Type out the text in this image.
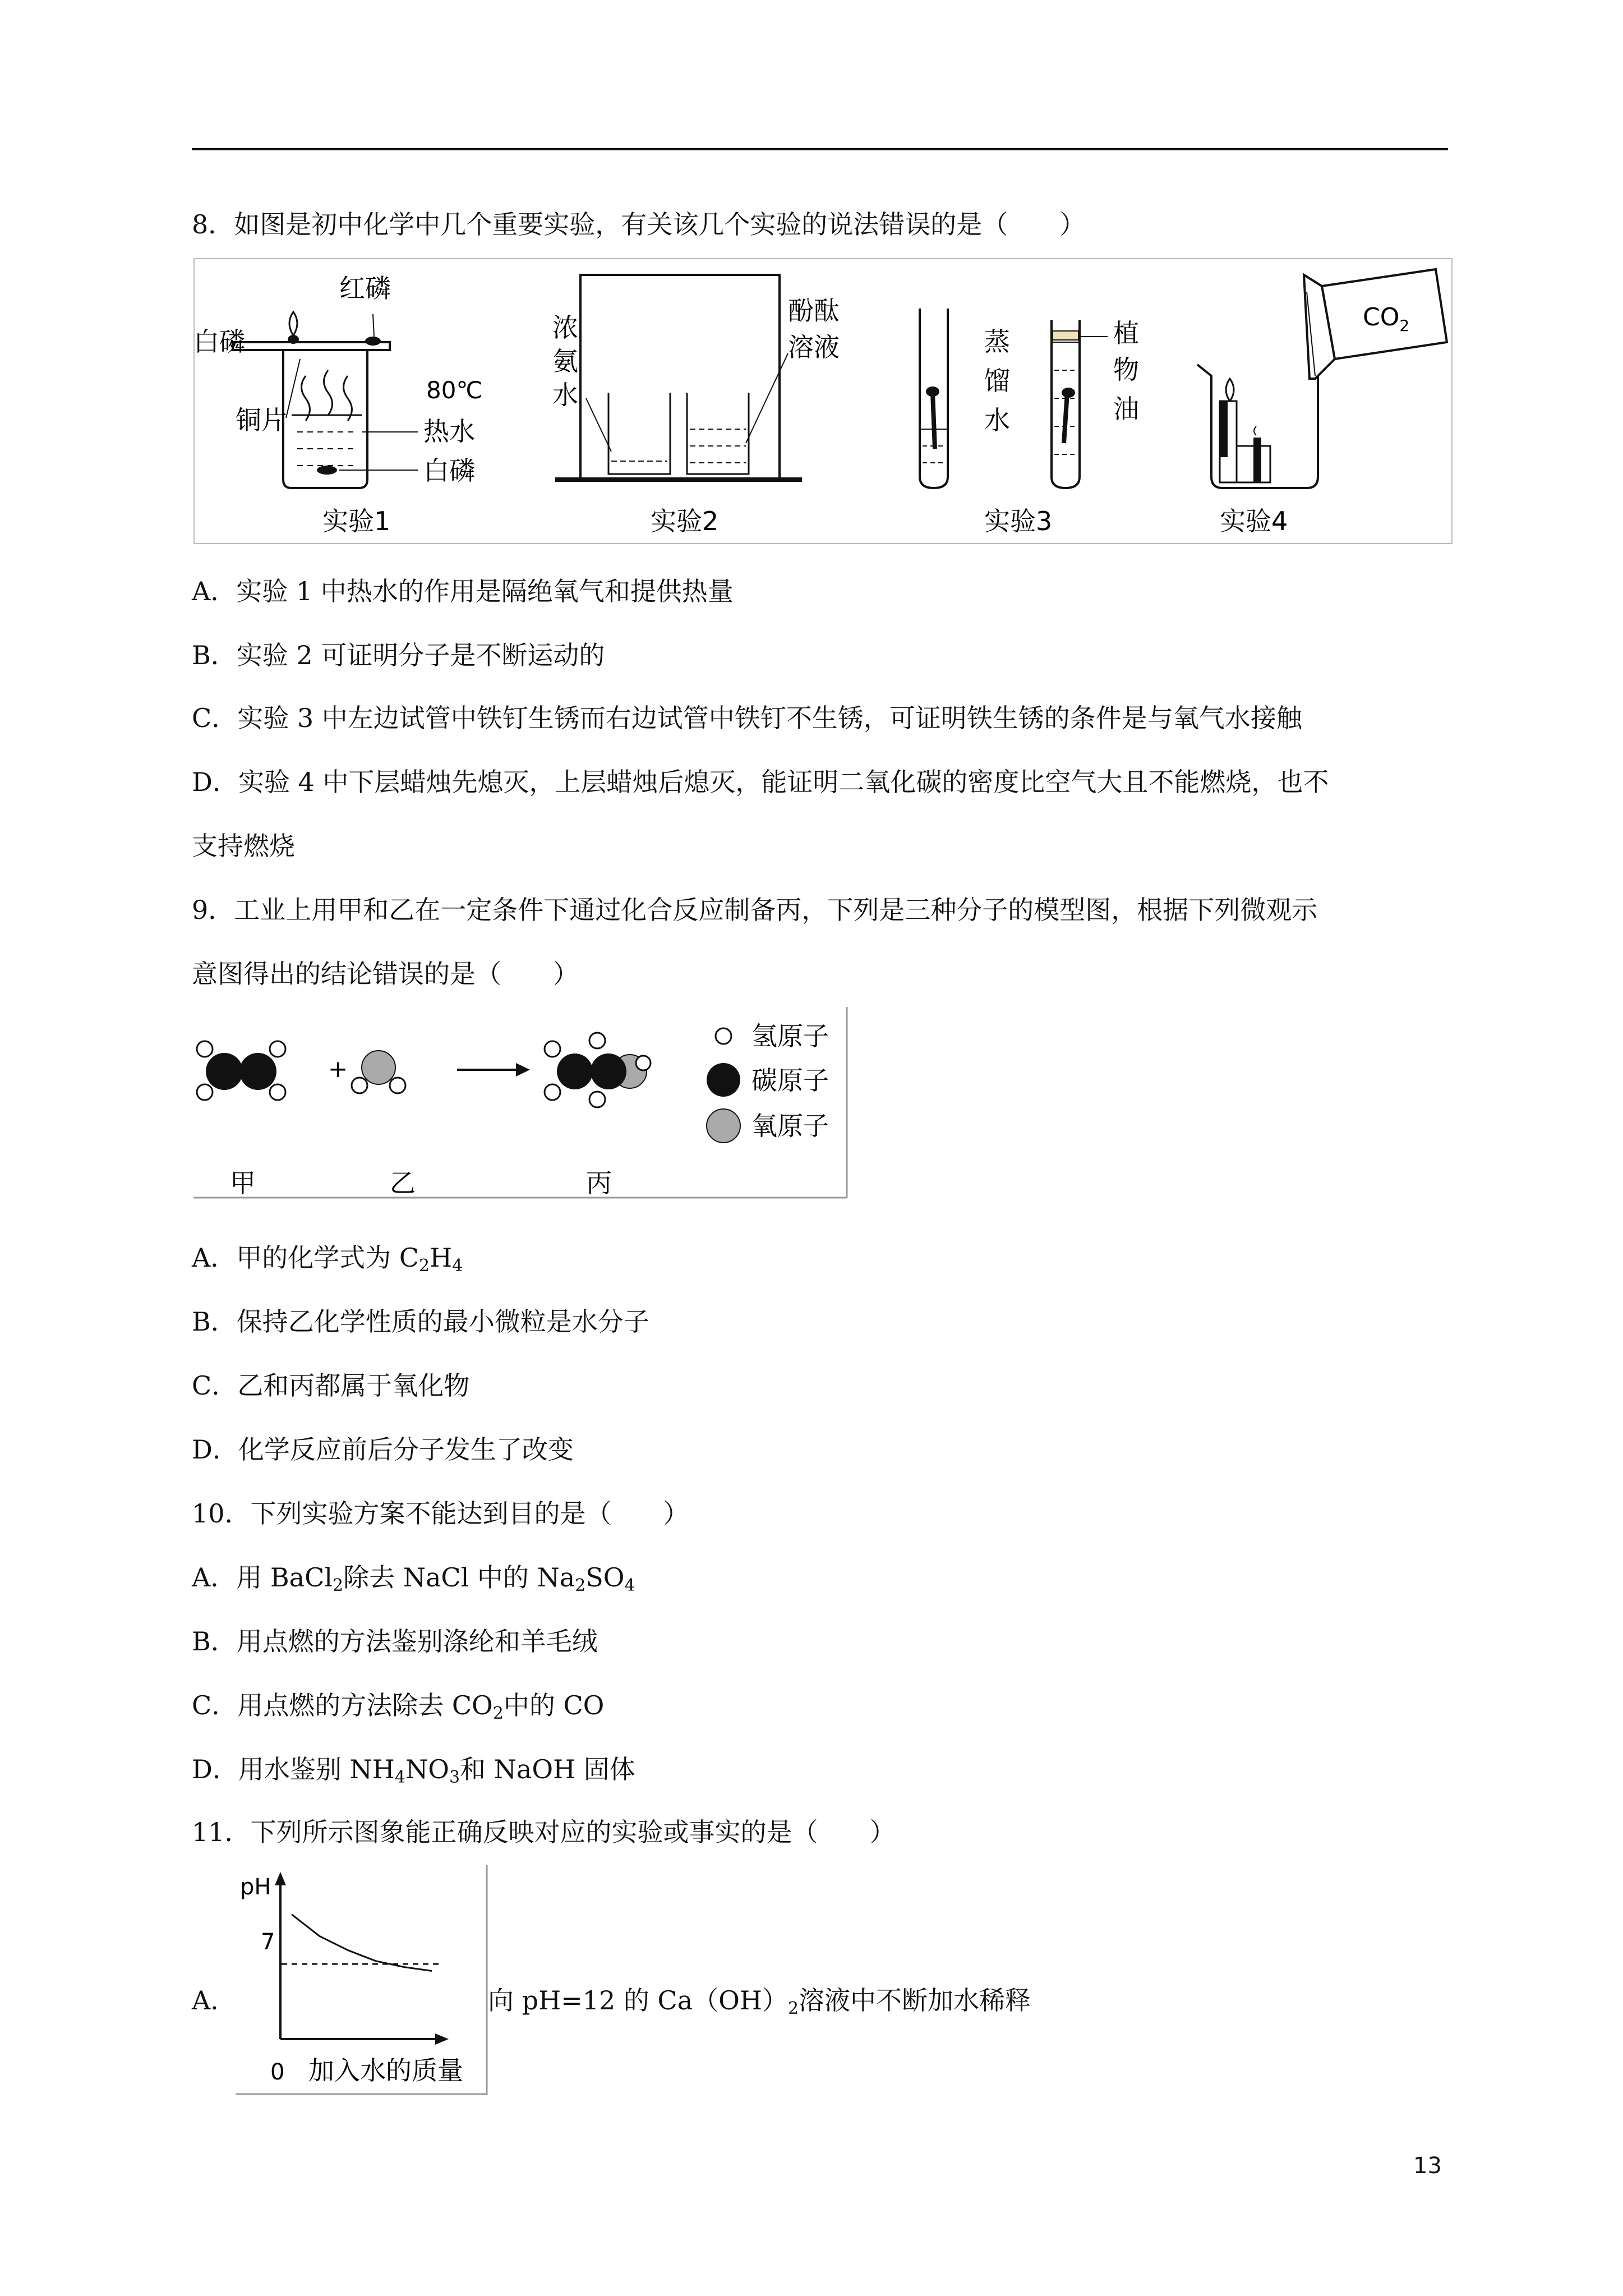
8．如图是初中化学中几个重要实验，有关该几个实验的说法错误的是（　　）
红磷
白磷
铜片
80℃
热水
白磷
实验1
浓
氨
水
酚酞
溶液
实验2
蒸
馏
水
植
物
油
实验3
$CO_2$
实验4
A．实验 1 中热水的作用是隔绝氧气和提供热量
B．实验 2 可证明分子是不断运动的
C．实验 3 中左边试管中铁钉生锈而右边试管中铁钉不生锈，可证明铁生锈的条件是与氧气水接触
D．实验 4 中下层蜡烛先熄灭，上层蜡烛后熄灭，能证明二氧化碳的密度比空气大且不能燃烧，也不
支持燃烧
9．工业上用甲和乙在一定条件下通过化合反应制备丙，下列是三种分子的模型图，根据下列微观示
意图得出的结论错误的是（　　）
+
氢原子
碳原子
氧原子
甲	乙	丙
A．甲的化学式为 $C_2H_4$
B．保持乙化学性质的最小微粒是水分子
C．乙和丙都属于氧化物
D．化学反应前后分子发生了改变
10．下列实验方案不能达到目的是（　　）
A．用 BaCl$_2$除去 NaCl 中的 $Na_2SO_4$
B．用点燃的方法鉴别涤纶和羊毛绒
C．用点燃的方法除去 $CO_2$中的 CO
D．用水鉴别 $NH_4NO_3$和 NaOH 固体
11．下列所示图象能正确反映对应的实验或事实的是（　　）
A．
pH
7
0 加入水的质量
向 pH=12 的 $Ca(OH)_2$溶液中不断加水稀释
13
